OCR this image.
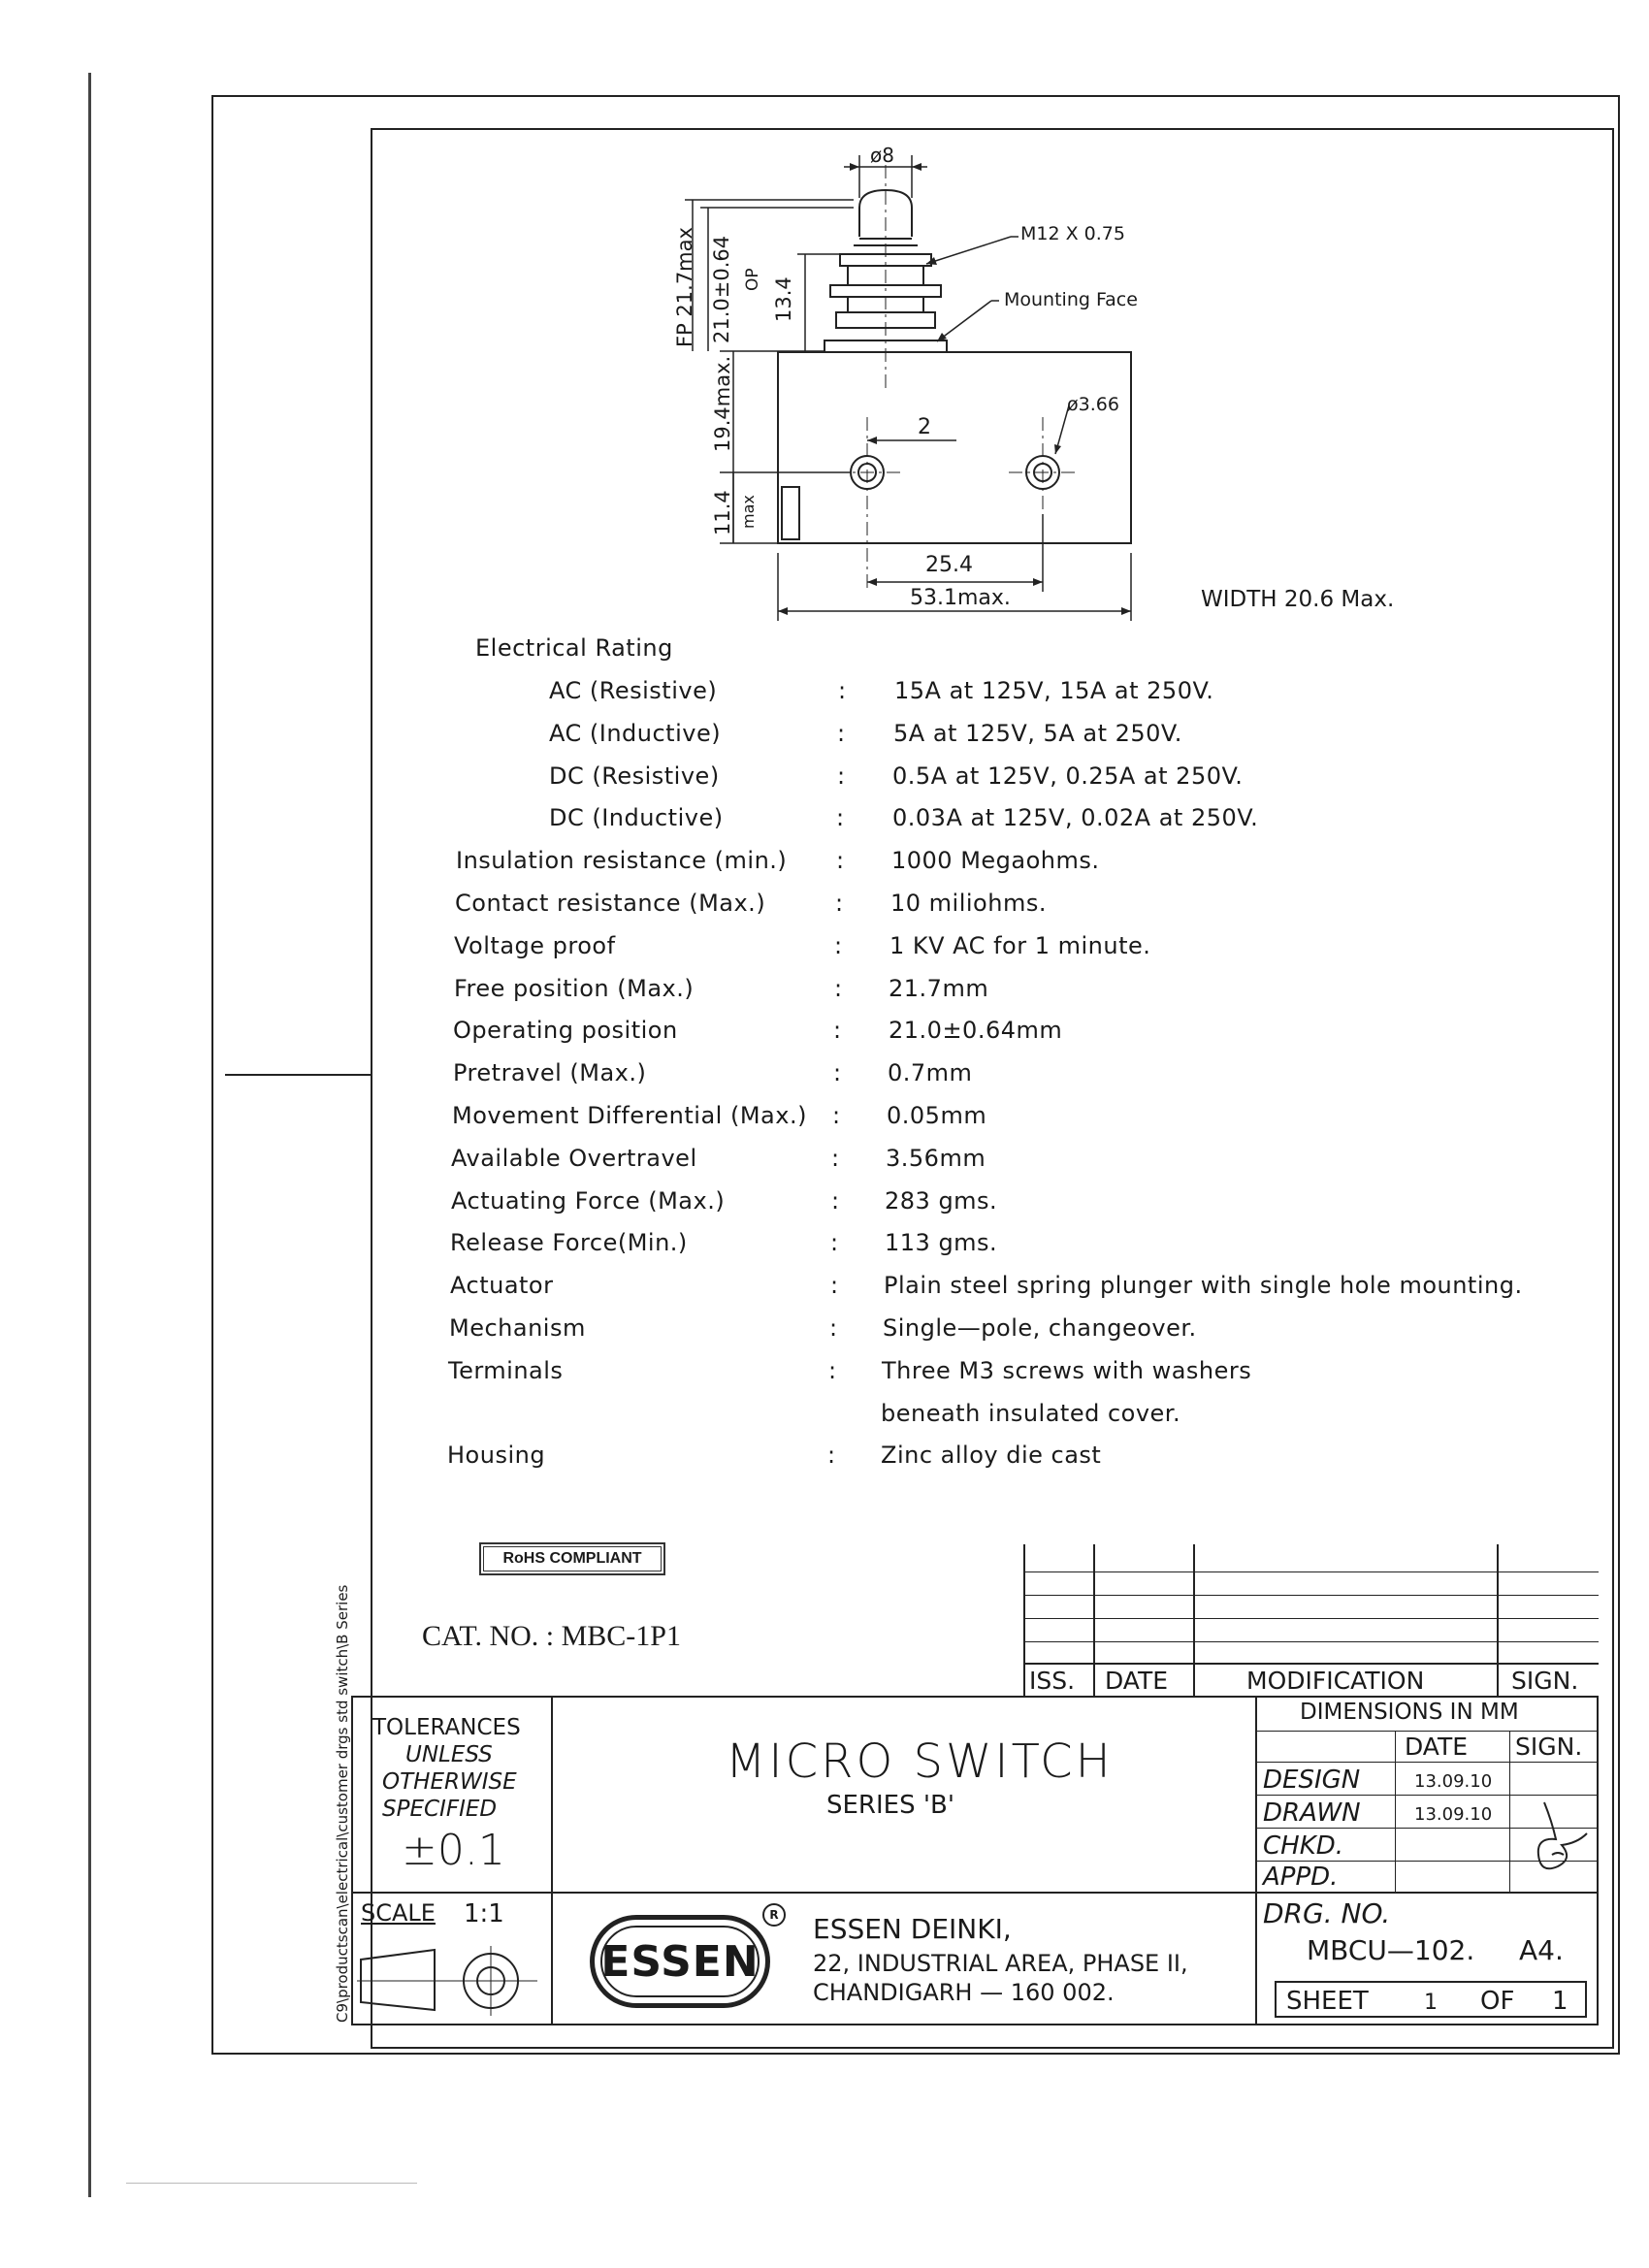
C9\productscan\electrical\customer drgs std switch\B Series
ø8
M12 X 0.75
Mounting Face
FP 21.7max 21.0±0.64 OP 13.4
19.4max.
11.4 max
2
ø3.66
25.4
53.1max.	WIDTH 20.6 Max.
Electrical Rating
AC (Resistive)	: 15A at 125V, 15A at 250V.
AC (Inductive)	: 5A at 125V, 5A at 250V.
DC (Resistive)	: 0.5A at 125V, 0.25A at 250V.
DC (Inductive)	: 0.03A at 125V, 0.02A at 250V.
Insulation resistance (min.) : 1000 Megaohms.
Contact resistance (Max.)	: 10 miliohms.
Voltage proof	: 1 KV AC for 1 minute.
Free position (Max.)	: 21.7mm
Operating position	: 21.0±0.64mm
Pretravel (Max.)	: 0.7mm
Movement Differential (Max.) : 0.05mm
Available Overtravel	: 3.56mm
Actuating Force (Max.)	: 283 gms.
Release Force(Min.)	: 113 gms.
Actuator	: Plain steel spring plunger with single hole mounting.
Mechanism	: Single—pole, changeover.
Terminals	: Three M3 screws with washers
beneath insulated cover.
Housing	: Zinc alloy die cast
RoHS COMPLIANT
CAT. NO. : MBC-1P1
ISS. DATE	MODIFICATION	SIGN.
TOLERANCES
UNLESS
OTHERWISE
SPECIFIED
±0.1
SCALE 1:1
MICRO SWITCH
SERIES 'B'
ESSEN
R ESSEN DEINKI,
22, INDUSTRIAL AREA, PHASE II,
CHANDIGARH — 160 002.
DIMENSIONS IN MM
DATE SIGN.
DESIGN	13.09.10
DRAWN	13.09.10
CHKD.
APPD.
DRG. NO.
MBCU—102. A4.
SHEET	1 OF 1
